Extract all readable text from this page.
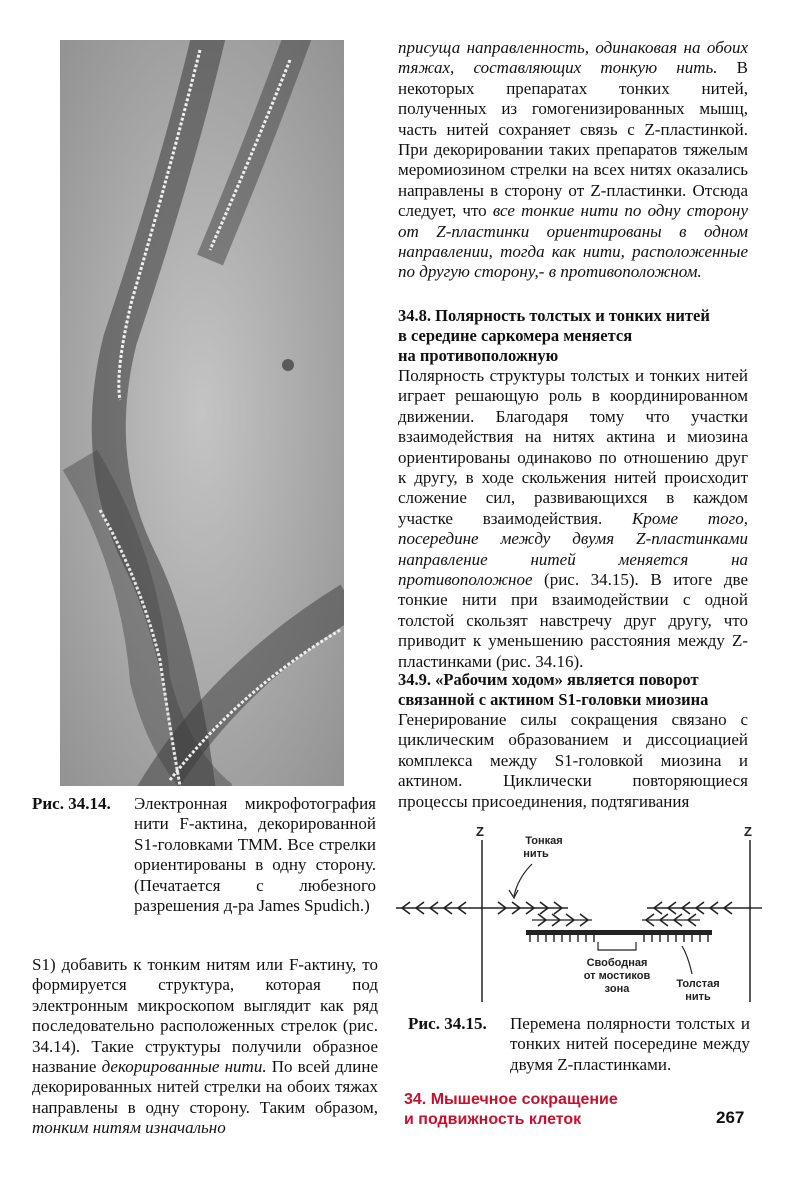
Рис. 34.14.	Электронная микрофотография нити F-актина, декорированной S1-головками ТММ. Все стрелки ориентированы в одну сторону. (Печатается с любезного разрешения д-ра James Spudich.)

S1) добавить к тонким нитям или F-актину, то формируется структура, которая под электронным микроскопом выглядит как ряд последовательно расположенных стрелок (рис. 34.14). Такие структуры получили образное название декорированные нити. По всей длине декорированных нитей стрелки на обоих тяжах направлены в одну сторону. Таким образом, тонким нитям изначально

присуща направленность, одинаковая на обоих тяжах, составляющих тонкую нить. В некоторых препаратах тонких нитей, полученных из гомогенизированных мышц, часть нитей сохраняет связь с Z-пластинкой. При декорировании таких препаратов тяжелым меромиозином стрелки на всех нитях оказались направлены в сторону от Z-пластинки. Отсюда следует, что все тонкие нити по одну сторону от Z-пластинки ориентированы в одном направлении, тогда как нити, расположенные по другую сторону,- в противоположном.

34.8. Полярность толстых и тонких нитей

в середине саркомера меняется

на противоположную

Полярность структуры толстых и тонких нитей играет решающую роль в координированном движении. Благодаря тому что участки взаимодействия на нитях актина и миозина ориентированы одинаково по отношению друг к другу, в ходе скольжения нитей происходит сложение сил, развивающихся в каждом участке взаимодействия. Кроме того, посередине между двумя Z-пластинками направление нитей меняется на противоположное (рис. 34.15). В итоге две тонкие нити при взаимодействии с одной толстой скользят навстречу друг другу, что приводит к уменьшению расстояния между Z-пластинками (рис. 34.16).

34.9. «Рабочим ходом» является поворот

связанной с актином S1-головки миозина

Генерирование силы сокращения связано с циклическим образованием и диссоциацией комплекса между S1-головкой миозина и актином. Циклически повторяющиеся процессы присоединения, подтягивания

Z	Z
Свободная
от мостиков
зона
Тонкая
нить
Толстая
нить
Рис. 34.15.	Перемена полярности толстых и тонких нитей посередине между двумя Z-пластинками.
34. Мышечное сокращение
и подвижность клеток	267
